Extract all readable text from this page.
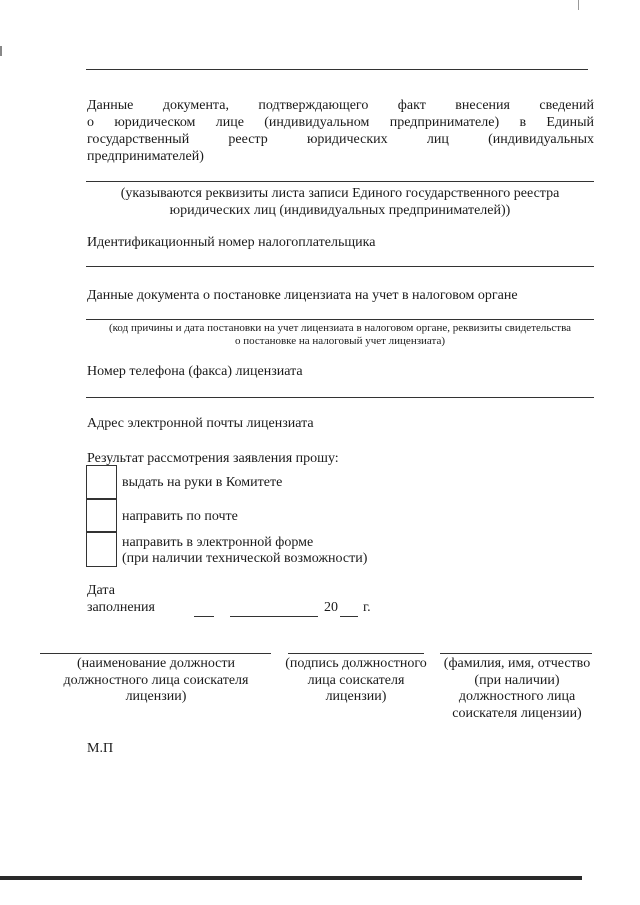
Данные документа, подтверждающего факт внесения сведений
о юридическом лице (индивидуальном предпринимателе) в Единый
государственный реестр юридических лиц (индивидуальных
предпринимателей)
(указываются реквизиты листа записи Единого государственного реестра
юридических лиц (индивидуальных предпринимателей))
Идентификационный номер налогоплательщика
Данные документа о постановке лицензиата на учет в налоговом органе
(код причины и дата постановки на учет лицензиата в налоговом органе, реквизиты свидетельства
о постановке на налоговый учет лицензиата)
Номер телефона (факса) лицензиата
Адрес электронной почты лицензиата
Результат рассмотрения заявления прошу:
выдать на руки в Комитете
направить по почте
направить в электронной форме
(при наличии технической возможности)
Дата
заполнения	20 г.
(наименование должности должностного лица соискателя лицензии)
(подпись должностного лица соискателя лицензии)
(фамилия, имя, отчество (при наличии) должностного лица соискателя лицензии)
М.П
